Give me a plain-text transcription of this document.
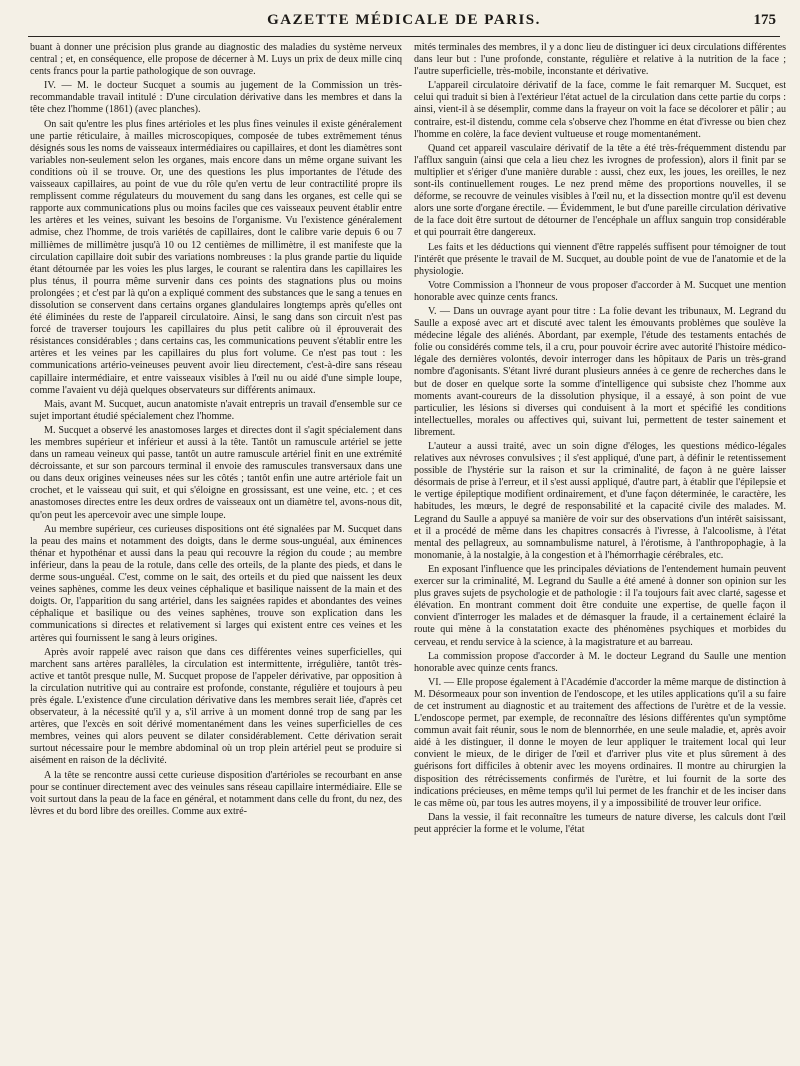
GAZETTE MÉDICALE DE PARIS.	175

buant à donner une précision plus grande au diagnostic des maladies du système nerveux central ; et, en conséquence, elle propose de décerner à M. Luys un prix de deux mille cinq cents francs pour la partie pathologique de son ouvrage.

IV. — M. le docteur Sucquet a soumis au jugement de la Commission un très-recommandable travail intitulé : D'une circulation dérivative dans les membres et dans la tête chez l'homme (1861) (avec planches).

On sait qu'entre les plus fines artérioles et les plus fines veinules il existe généralement une partie réticulaire, à mailles microscopiques, composée de tubes extrêmement ténus désignés sous les noms de vaisseaux intermédiaires ou capillaires, et dont les diamètres sont variables non-seulement selon les organes, mais encore dans un même organe suivant les conditions où il se trouve. Or, une des questions les plus importantes de l'étude des vaisseaux capillaires, au point de vue du rôle qu'en vertu de leur contractilité propre ils remplissent comme régulateurs du mouvement du sang dans les organes, est celle qui se rapporte aux communications plus ou moins faciles que ces vaisseaux peuvent établir entre les artères et les veines, suivant les besoins de l'organisme. Vu l'existence généralement admise, chez l'homme, de trois variétés de capillaires, dont le calibre varie depuis 6 ou 7 millièmes de millimètre jusqu'à 10 ou 12 centièmes de millimètre, il est manifeste que la circulation capillaire doit subir des variations nombreuses : la plus grande partie du liquide étant détournée par les voies les plus larges, le courant se ralentira dans les capillaires les plus ténus, il pourra même survenir dans ces points des stagnations plus ou moins prolongées ; et c'est par là qu'on a expliqué comment des substances que le sang a tenues en dissolution se conservent dans certains organes glandulaires longtemps après qu'elles ont été éliminées du reste de l'appareil circulatoire. Ainsi, le sang dans son circuit n'est pas forcé de traverser toujours les capillaires du plus petit calibre où il éprouverait des résistances considérables ; dans certains cas, les communications peuvent s'établir entre les artères et les veines par les capillaires du plus fort volume. Ce n'est pas tout : les communications artério-veineuses peuvent avoir lieu directement, c'est-à-dire sans réseau capillaire intermédiaire, et entre vaisseaux visibles à l'œil nu ou aidé d'une simple loupe, comme l'avaient vu déjà quelques observateurs sur différents animaux.

Mais, avant M. Sucquet, aucun anatomiste n'avait entrepris un travail d'ensemble sur ce sujet important étudié spécialement chez l'homme.

M. Sucquet a observé les anastomoses larges et directes dont il s'agit spécialement dans les membres supérieur et inférieur et aussi à la tête. Tantôt un ramuscule artériel se jette dans un rameau veineux qui passe, tantôt un autre ramuscule artériel finit en une extrémité décroissante, et sur son parcours terminal il envoie des ramuscules transversaux dans une ou dans deux origines veineuses nées sur les côtés ; tantôt enfin une autre artériole fait un crochet, et le vaisseau qui suit, et qui s'éloigne en grossissant, est une veine, etc. ; et ces anastomoses directes entre les deux ordres de vaisseaux ont un diamètre tel, avons-nous dit, qu'on peut les apercevoir avec une simple loupe.

Au membre supérieur, ces curieuses dispositions ont été signalées par M. Sucquet dans la peau des mains et notamment des doigts, dans le derme sous-unguéal, aux éminences thénar et hypothénar et aussi dans la peau qui recouvre la région du coude ; au membre inférieur, dans la peau de la rotule, dans celle des orteils, de la plante des pieds, et dans le derme sous-unguéal. C'est, comme on le sait, des orteils et du pied que naissent les deux veines saphènes, comme les deux veines céphalique et basilique naissent de la main et des doigts. Or, l'apparition du sang artériel, dans les saignées rapides et abondantes des veines céphalique et basilique ou des veines saphènes, trouve son explication dans les communications si directes et relativement si larges qui existent entre ces veines et les artères qui fournissent le sang à leurs origines.

Après avoir rappelé avec raison que dans ces différentes veines superficielles, qui marchent sans artères parallèles, la circulation est intermittente, irrégulière, tantôt très-active et tantôt presque nulle, M. Sucquet propose de l'appeler dérivative, par opposition à la circulation nutritive qui au contraire est profonde, constante, régulière et toujours à peu près égale. L'existence d'une circulation dérivative dans les membres serait liée, d'après cet observateur, à la nécessité qu'il y a, s'il arrive à un moment donné trop de sang par les artères, que l'excès en soit dérivé momentanément dans les veines superficielles de ces membres, veines qui alors peuvent se dilater considérablement. Cette dérivation serait surtout nécessaire pour le membre abdominal où un trop plein artériel peut se produire si aisément en raison de la déclivité.

A la tête se rencontre aussi cette curieuse disposition d'artérioles se recourbant en anse pour se continuer directement avec des veinules sans réseau capillaire intermédiaire. Elle se voit surtout dans la peau de la face en général, et notamment dans celle du front, du nez, des lèvres et du bord libre des oreilles. Comme aux extré-

mités terminales des membres, il y a donc lieu de distinguer ici deux circulations différentes dans leur but : l'une profonde, constante, régulière et relative à la nutrition de la face ; l'autre superficielle, très-mobile, inconstante et dérivative.

L'appareil circulatoire dérivatif de la face, comme le fait remarquer M. Sucquet, est celui qui traduit si bien à l'extérieur l'état actuel de la circulation dans cette partie du corps : ainsi, vient-il à se désemplir, comme dans la frayeur on voit la face se décolorer et pâlir ; au contraire, est-il distendu, comme cela s'observe chez l'homme en état d'ivresse ou bien chez l'homme en colère, la face devient vultueuse et rouge momentanément.

Quand cet appareil vasculaire dérivatif de la tête a été très-fréquemment distendu par l'afflux sanguin (ainsi que cela a lieu chez les ivrognes de profession), alors il finit par se multiplier et s'ériger d'une manière durable : aussi, chez eux, les joues, les oreilles, le nez sont-ils continuellement rouges. Le nez prend même des proportions nouvelles, il se déforme, se recouvre de veinules visibles à l'œil nu, et la dissection montre qu'il est devenu alors une sorte d'organe érectile. — Évidemment, le but d'une pareille circulation dérivative de la face doit être surtout de détourner de l'encéphale un afflux sanguin trop considérable et qui pourrait être dangereux.

Les faits et les déductions qui viennent d'être rappelés suffisent pour témoigner de tout l'intérêt que présente le travail de M. Sucquet, au double point de vue de l'anatomie et de la physiologie.

Votre Commission a l'honneur de vous proposer d'accorder à M. Sucquet une mention honorable avec quinze cents francs.

V. — Dans un ouvrage ayant pour titre : La folie devant les tribunaux, M. Legrand du Saulle a exposé avec art et discuté avec talent les émouvants problèmes que soulève la médecine légale des aliénés. Abordant, par exemple, l'étude des testaments entachés de folie ou considérés comme tels, il a cru, pour pouvoir écrire avec autorité l'histoire médico-légale des dernières volontés, devoir interroger dans les hôpitaux de Paris un très-grand nombre d'agonisants. S'étant livré durant plusieurs années à ce genre de recherches dans le but de doser en quelque sorte la somme d'intelligence qui subsiste chez l'homme aux moments avant-coureurs de la dissolution physique, il a essayé, à son point de vue particulier, les lésions si diverses qui conduisent à la mort et spécifié les conditions intellectuelles, morales ou affectives qui, suivant lui, permettent de tester sainement et librement.

L'auteur a aussi traité, avec un soin digne d'éloges, les questions médico-légales relatives aux névroses convulsives ; il s'est appliqué, d'une part, à définir le retentissement possible de l'hystérie sur la raison et sur la criminalité, de façon à ne guère laisser désormais de prise à l'erreur, et il s'est aussi appliqué, d'autre part, à établir que l'épilepsie et le vertige épileptique modifient ordinairement, et d'une façon déterminée, le caractère, les habitudes, les mœurs, le degré de responsabilité et la capacité civile des malades. M. Legrand du Saulle a appuyé sa manière de voir sur des observations d'un intérêt saisissant, et il a procédé de même dans les chapitres consacrés à l'ivresse, à l'alcoolisme, à l'état mental des pellagreux, au somnambulisme naturel, à l'érotisme, à l'anthropophagie, à la monomanie, à la nostalgie, à la congestion et à l'hémorrhagie cérébrales, etc.

En exposant l'influence que les principales déviations de l'entendement humain peuvent exercer sur la criminalité, M. Legrand du Saulle a été amené à donner son opinion sur les plus graves sujets de psychologie et de pathologie : il l'a toujours fait avec clarté, sagesse et élévation. En montrant comment doit être conduite une expertise, de quelle façon il convient d'interroger les malades et de démasquer la fraude, il a certainement éclairé la route qui mène à la constatation exacte des phénomènes psychiques et morbides du cerveau, et rendu service à la science, à la magistrature et au barreau.

La commission propose d'accorder à M. le docteur Legrand du Saulle une mention honorable avec quinze cents francs.

VI. — Elle propose également à l'Académie d'accorder la même marque de distinction à M. Désormeaux pour son invention de l'endoscope, et les utiles applications qu'il a su faire de cet instrument au diagnostic et au traitement des affections de l'urètre et de la vessie. L'endoscope permet, par exemple, de reconnaître des lésions différentes qu'un symptôme commun avait fait réunir, sous le nom de blennorrhée, en une seule maladie, et, après avoir aidé à les distinguer, il donne le moyen de leur appliquer le traitement local qui leur convient le mieux, de le diriger de l'œil et d'arriver plus vite et plus sûrement à des guérisons fort difficiles à obtenir avec les moyens ordinaires. Il montre au chirurgien la disposition des rétrécissements confirmés de l'urètre, et lui fournit de la sorte des indications précieuses, en même temps qu'il lui permet de les franchir et de les inciser dans le cas même où, par tous les autres moyens, il y a impossibilité de trouver leur orifice.

Dans la vessie, il fait reconnaître les tumeurs de nature diverse, les calculs dont l'œil peut apprécier la forme et le volume, l'état
